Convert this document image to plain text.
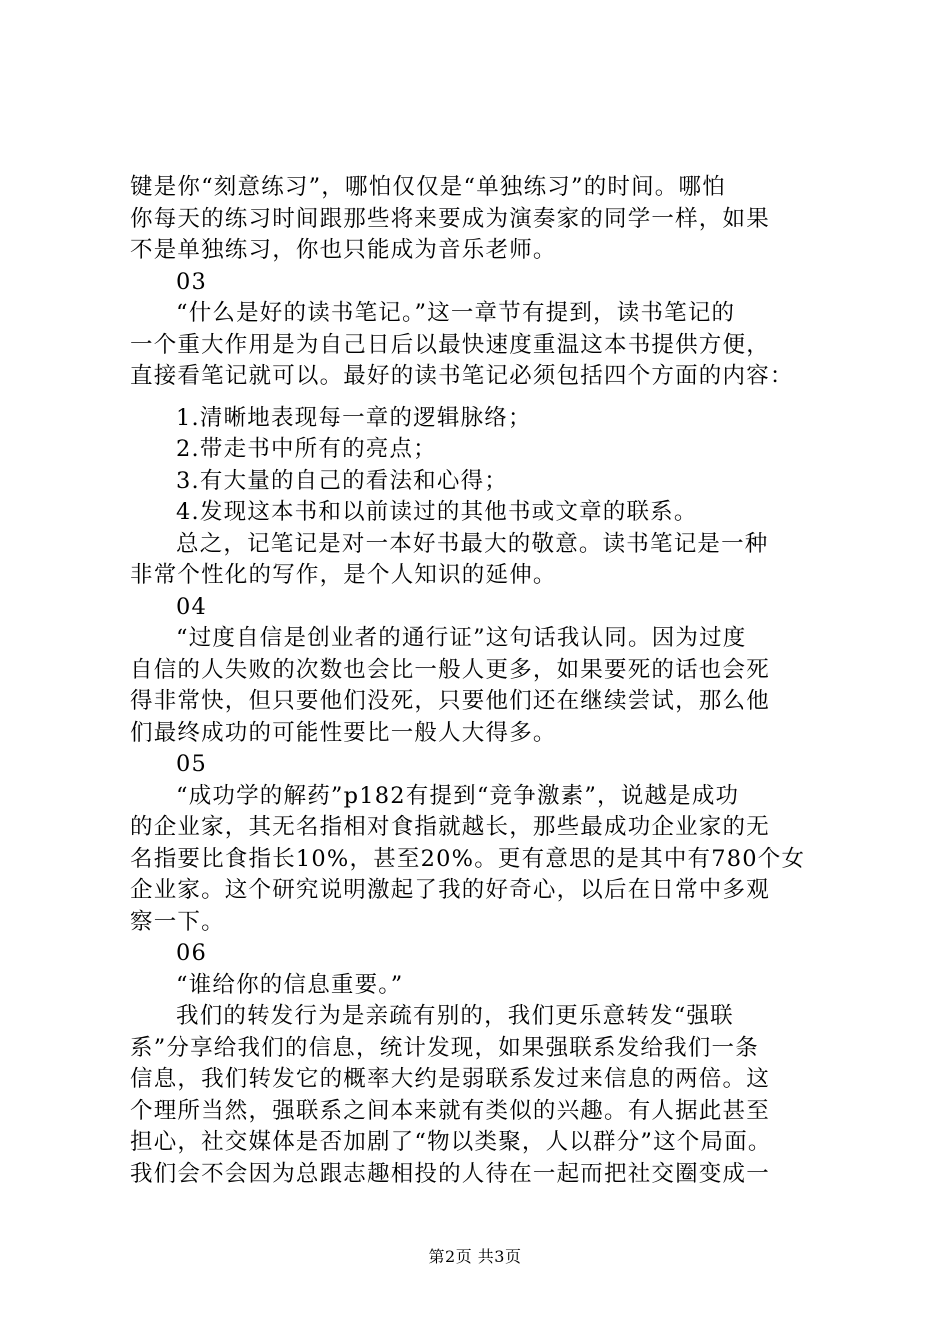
键是你“刻意练习”，哪怕仅仅是“单独练习”的时间。哪怕
你每天的练习时间跟那些将来要成为演奏家的同学一样，如果
不是单独练习，你也只能成为音乐老师。
03
“什么是好的读书笔记。”这一章节有提到，读书笔记的
一个重大作用是为自己日后以最快速度重温这本书提供方便，
直接看笔记就可以。最好的读书笔记必须包括四个方面的内容：
1.清晰地表现每一章的逻辑脉络；
2.带走书中所有的亮点；
3.有大量的自己的看法和心得；
4.发现这本书和以前读过的其他书或文章的联系。
总之，记笔记是对一本好书最大的敬意。读书笔记是一种
非常个性化的写作，是个人知识的延伸。
04
“过度自信是创业者的通行证”这句话我认同。因为过度
自信的人失败的次数也会比一般人更多，如果要死的话也会死
得非常快，但只要他们没死，只要他们还在继续尝试，那么他
们最终成功的可能性要比一般人大得多。
05
“成功学的解药”p182有提到“竞争激素”，说越是成功
的企业家，其无名指相对食指就越长，那些最成功企业家的无
名指要比食指长10%，甚至20%。更有意思的是其中有780个女
企业家。这个研究说明激起了我的好奇心，以后在日常中多观
察一下。
06
“谁给你的信息重要。”
我们的转发行为是亲疏有别的，我们更乐意转发“强联
系”分享给我们的信息，统计发现，如果强联系发给我们一条
信息，我们转发它的概率大约是弱联系发过来信息的两倍。这
个理所当然，强联系之间本来就有类似的兴趣。有人据此甚至
担心，社交媒体是否加剧了“物以类聚，人以群分”这个局面。
我们会不会因为总跟志趣相投的人待在一起而把社交圈变成一
第2页 共3页
